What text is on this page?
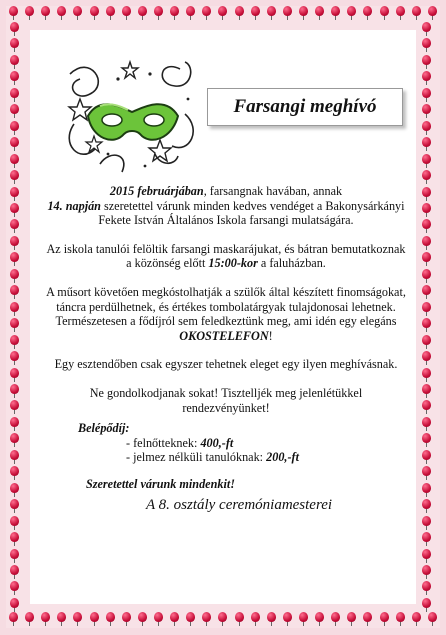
Farsangi meghívó

2015 februárjában, farsangnak havában, annak
14. napján szeretettel várunk minden kedves vendéget a Bakonysárkányi Fekete István Általános Iskola farsangi mulatságára.

Az iskola tanulói felöltik farsangi maskarájukat, és bátran bemutatkoznak a közönség előtt 15:00-kor a faluházban.

A műsort követően megkóstolhatják a szülők által készített finomságokat, táncra perdülhetnek, és értékes tombolatárgyak tulajdonosai lehetnek. Természetesen a fődíjról sem feledkeztünk meg, ami idén egy elegáns OKOSTELEFON!

Egy esztendőben csak egyszer tehetnek eleget egy ilyen meghívásnak.

Ne gondolkodjanak sokat! Tisztelljék meg jelenlétükkel rendezvényünket!

Belépődíj:
- felnőtteknek: 400,-ft
- jelmez nélküli tanulóknak: 200,-ft
Szeretettel várunk mindenkit!
A 8. osztály ceremóniamesterei
